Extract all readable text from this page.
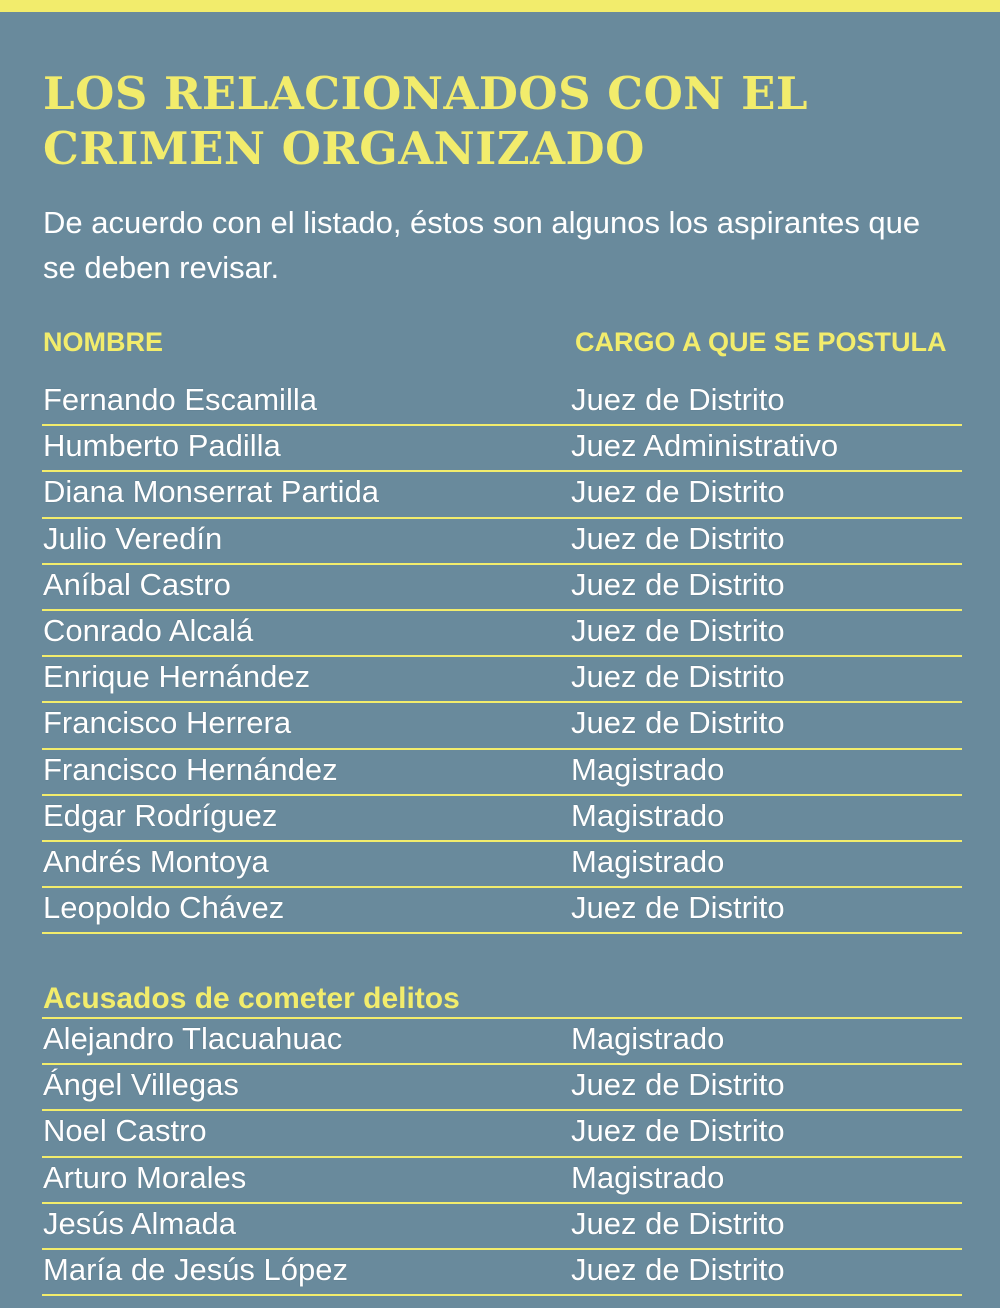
LOS RELACIONADOS CON EL
CRIMEN ORGANIZADO

De acuerdo con el listado, éstos son algunos los aspirantes que se deben revisar.

NOMBRE	CARGO A QUE SE POSTULA
Fernando Escamilla	Juez de Distrito
Humberto Padilla	Juez Administrativo
Diana Monserrat Partida	Juez de Distrito
Julio Veredín	Juez de Distrito
Aníbal Castro	Juez de Distrito
Conrado Alcalá	Juez de Distrito
Enrique Hernández	Juez de Distrito
Francisco Herrera	Juez de Distrito
Francisco Hernández	Magistrado
Edgar Rodríguez	Magistrado
Andrés Montoya	Magistrado
Leopoldo Chávez	Juez de Distrito
Acusados de cometer delitos
Alejandro Tlacuahuac	Magistrado
Ángel Villegas	Juez de Distrito
Noel Castro	Juez de Distrito
Arturo Morales	Magistrado
Jesús Almada	Juez de Distrito
María de Jesús López	Juez de Distrito
